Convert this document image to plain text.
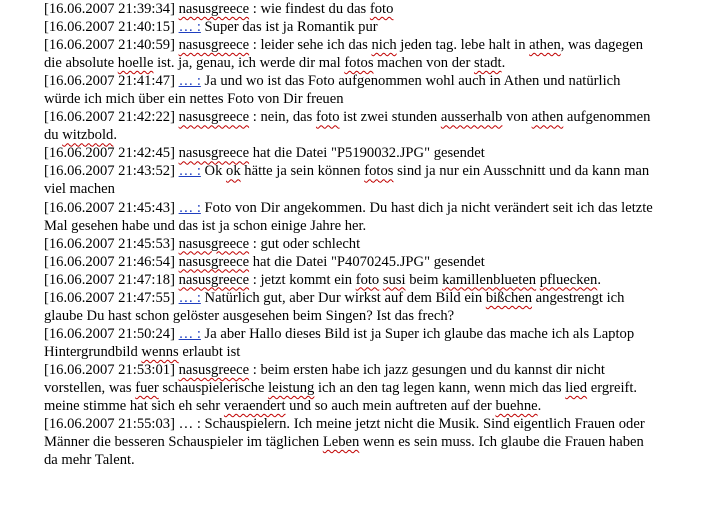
[16.06.2007 21:39:34] nasusgreece : wie findest du das foto

[16.06.2007 21:40:15] … : Super das ist ja Romantik pur

[16.06.2007 21:40:59] nasusgreece : leider sehe ich das nich jeden tag. lebe halt in athen, was dagegen die absolute hoelle ist. ja, genau, ich werde dir mal fotos machen von der stadt.

[16.06.2007 21:41:47] … : Ja und wo ist das Foto aufgenommen wohl auch in Athen und natürlich würde ich mich über ein nettes Foto von Dir freuen

[16.06.2007 21:42:22] nasusgreece : nein, das foto ist zwei stunden ausserhalb von athen aufgenommen du witzbold.

[16.06.2007 21:42:45] nasusgreece hat die Datei "P5190032.JPG" gesendet

[16.06.2007 21:43:52] … : Ok ok hätte ja sein können fotos sind ja nur ein Ausschnitt und da kann man viel machen

[16.06.2007 21:45:43] … : Foto von Dir angekommen. Du hast dich ja nicht verändert seit ich das letzte Mal gesehen habe und das ist ja schon einige Jahre her.

[16.06.2007 21:45:53] nasusgreece : gut oder schlecht

[16.06.2007 21:46:54] nasusgreece hat die Datei "P4070245.JPG" gesendet

[16.06.2007 21:47:18] nasusgreece : jetzt kommt ein foto susi beim kamillenblueten pfluecken.

[16.06.2007 21:47:55] … : Natürlich gut, aber Dur wirkst auf dem Bild ein bißchen angestrengt ich glaube Du hast schon gelöster ausgesehen beim Singen? Ist das frech?

[16.06.2007 21:50:24] … : Ja aber Hallo dieses Bild ist ja Super ich glaube das mache ich als Laptop Hintergrundbild wenns erlaubt ist

[16.06.2007 21:53:01] nasusgreece : beim ersten habe ich jazz gesungen und du kannst dir nicht vorstellen, was fuer schauspielerische leistung ich an den tag legen kann, wenn mich das lied ergreift. meine stimme hat sich eh sehr veraendert und so auch mein auftreten auf der buehne.

[16.06.2007 21:55:03] … : Schauspielern. Ich meine jetzt nicht die Musik. Sind eigentlich Frauen oder Männer die besseren Schauspieler im täglichen Leben wenn es sein muss. Ich glaube die Frauen haben da mehr Talent.
